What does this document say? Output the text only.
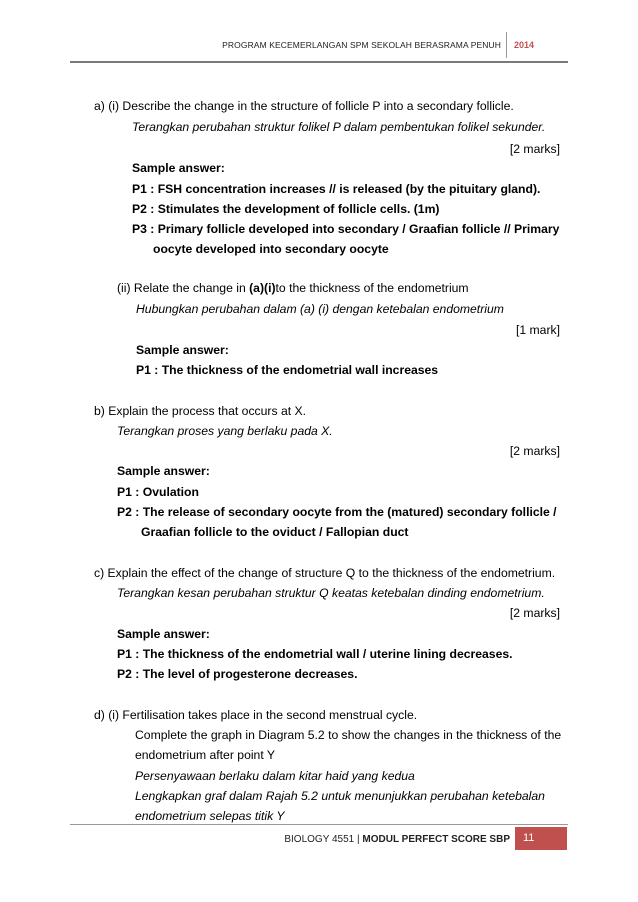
PROGRAM KECEMERLANGAN SPM SEKOLAH BERASRAMA PENUH 2014
a) (i) Describe the change in the structure of follicle P into a secondary follicle.
Terangkan perubahan struktur folikel P dalam pembentukan folikel sekunder.
[2 marks]
Sample answer:
P1 : FSH concentration increases // is released (by the pituitary gland).
P2 : Stimulates the development of follicle cells. (1m)
P3 : Primary follicle developed into secondary / Graafian follicle // Primary
oocyte developed into secondary oocyte
(ii) Relate the change in (a)(i)to the thickness of the endometrium
Hubungkan perubahan dalam (a) (i) dengan ketebalan endometrium
[1 mark]
Sample answer:
P1 : The thickness of the endometrial wall increases
b) Explain the process that occurs at X.
Terangkan proses yang berlaku pada X.
[2 marks]
Sample answer:
P1 : Ovulation
P2 : The release of secondary oocyte from the (matured) secondary follicle /
Graafian follicle to the oviduct / Fallopian duct
c) Explain the effect of the change of structure Q to the thickness of the endometrium.
Terangkan kesan perubahan struktur Q keatas ketebalan dinding endometrium.
[2 marks]
Sample answer:
P1 : The thickness of the endometrial wall / uterine lining decreases.
P2 : The level of progesterone decreases.
d) (i) Fertilisation takes place in the second menstrual cycle.
Complete the graph in Diagram 5.2 to show the changes in the thickness of the
endometrium after point Y
Persenyawaan berlaku dalam kitar haid yang kedua
Lengkapkan graf dalam Rajah 5.2 untuk menunjukkan perubahan ketebalan
endometrium selepas titik Y
BIOLOGY 4551 | MODUL PERFECT SCORE SBP	11
